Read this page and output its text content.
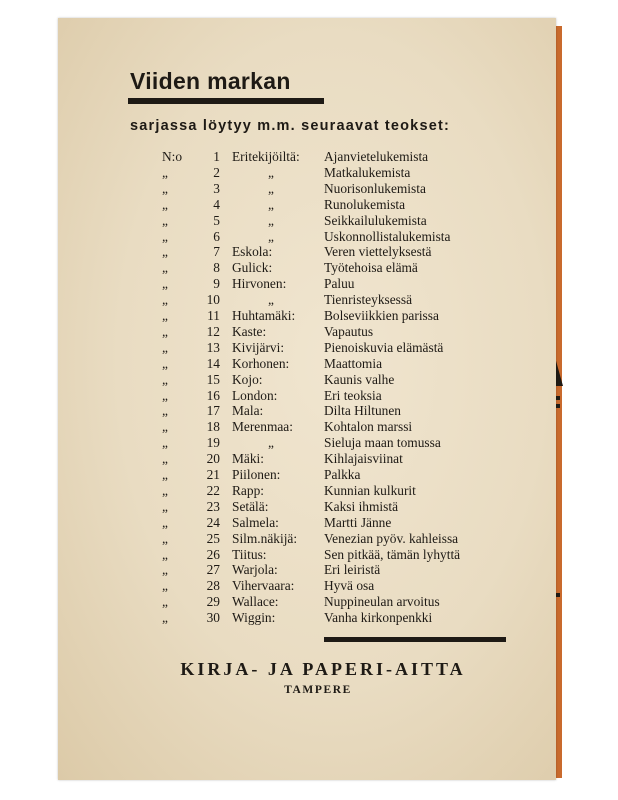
Viiden markan

sarjassa löytyy m.m. seuraavat teokset:

N:o	1 Eritekijöiltä: Ajanvietelukemista
„	2	„	Matkalukemista
„	3	„	Nuorisonlukemista
„	4	„	Runolukemista
„	5	„	Seikkailulukemista
„	6	„	Uskonnollistalukemista
„	7 Eskola:	Veren viettelyksestä
„	8 Gulick:	Työtehoisa elämä
„	9 Hirvonen:	Paluu
„	10	„	Tienristeyksessä
„	11 Huhtamäki: Bolseviikkien parissa
„	12 Kaste:	Vapautus
„	13 Kivijärvi:	Pienoiskuvia elämästä
„	14 Korhonen:	Maattomia
„	15 Kojo:	Kaunis valhe
„	16 London:	Eri teoksia
„	17 Mala:	Dilta Hiltunen
„	18 Merenmaa: Kohtalon marssi
„	19	„	Sieluja maan tomussa
„	20 Mäki:	Kihlajaisviinat
„	21 Piilonen:	Palkka
„	22 Rapp:	Kunnian kulkurit
„	23 Setälä:	Kaksi ihmistä
„	24 Salmela:	Martti Jänne
„	25 Silm.näkijä: Venezian pyöv. kahleissa
„	26 Tiitus:	Sen pitkää, tämän lyhyttä
„	27 Warjola:	Eri leiristä
„	28 Vihervaara: Hyvä osa
„	29 Wallace:	Nuppineulan arvoitus
„	30 Wiggin:	Vanha kirkonpenkki

KIRJA- JA PAPERI-AITTA

TAMPERE
